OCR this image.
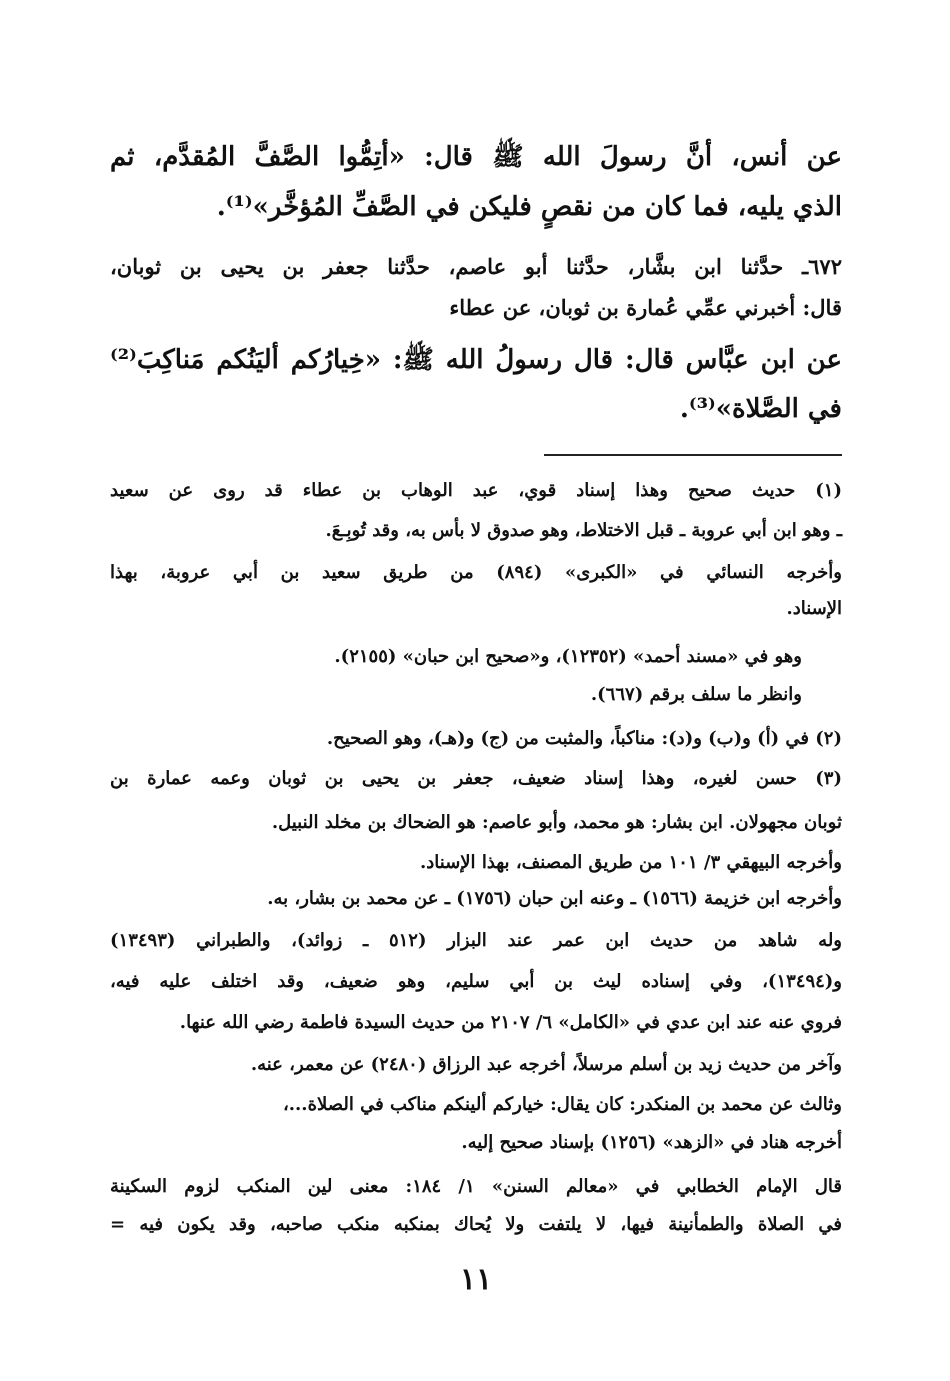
عن أنس، أنَّ رسولَ الله ﷺ قال: «أتِمُّوا الصَّفَّ المُقدَّم، ثم
الذي يليه، فما كان من نقصٍ فليكن في الصَّفِّ المُؤخَّر»⁽¹⁾.
٦٧٢ـ حدَّثنا ابن بشَّار، حدَّثنا أبو عاصم، حدَّثنا جعفر بن يحيى بن ثوبان،
قال: أخبرني عمِّي عُمارة بن ثوبان، عن عطاء
عن ابن عبَّاس قال: قال رسولُ الله ﷺ: «خِيارُكم أليَنُكم مَناكِبَ⁽²⁾
في الصَّلاة»⁽³⁾.
(١) حديث صحيح وهذا إسناد قوي، عبد الوهاب بن عطاء قد روى عن سعيد
ـ وهو ابن أبي عروبة ـ قبل الاختلاط، وهو صدوق لا بأس به، وقد تُوبِـعَ.
وأخرجه النسائي في «الكبرى» (٨٩٤) من طريق سعيد بن أبي عروبة، بهذا
الإسناد.
وهو في «مسند أحمد» (١٢٣٥٢)، و«صحيح ابن حبان» (٢١٥٥).
وانظر ما سلف برقم (٦٦٧).
(٢) في (أ) و(ب) و(د): مناكباً، والمثبت من (ج) و(هـ)، وهو الصحيح.
(٣) حسن لغيره، وهذا إسناد ضعيف، جعفر بن يحيى بن ثوبان وعمه عمارة بن
ثوبان مجهولان. ابن بشار: هو محمد، وأبو عاصم: هو الضحاك بن مخلد النبيل.
وأخرجه البيهقي ٣/ ١٠١ من طريق المصنف، بهذا الإسناد.
وأخرجه ابن خزيمة (١٥٦٦) ـ وعنه ابن حبان (١٧٥٦) ـ عن محمد بن بشار، به.
وله شاهد من حديث ابن عمر عند البزار (٥١٢ ـ زوائد)، والطبراني (١٣٤٩٣)
و(١٣٤٩٤)، وفي إسناده ليث بن أبي سليم، وهو ضعيف، وقد اختلف عليه فيه،
فروي عنه عند ابن عدي في «الكامل» ٦/ ٢١٠٧ من حديث السيدة فاطمة رضي الله عنها.
وآخر من حديث زيد بن أسلم مرسلاً، أخرجه عبد الرزاق (٢٤٨٠) عن معمر، عنه.
وثالث عن محمد بن المنكدر: كان يقال: خياركم ألينكم مناكب في الصلاة...،
أخرجه هناد في «الزهد» (١٢٥٦) بإسناد صحيح إليه.
قال الإمام الخطابي في «معالم السنن» ١/ ١٨٤: معنى لين المنكب لزوم السكينة
في الصلاة والطمأنينة فيها، لا يلتفت ولا يُحاك بمنكبه منكب صاحبه، وقد يكون فيه =
١١
